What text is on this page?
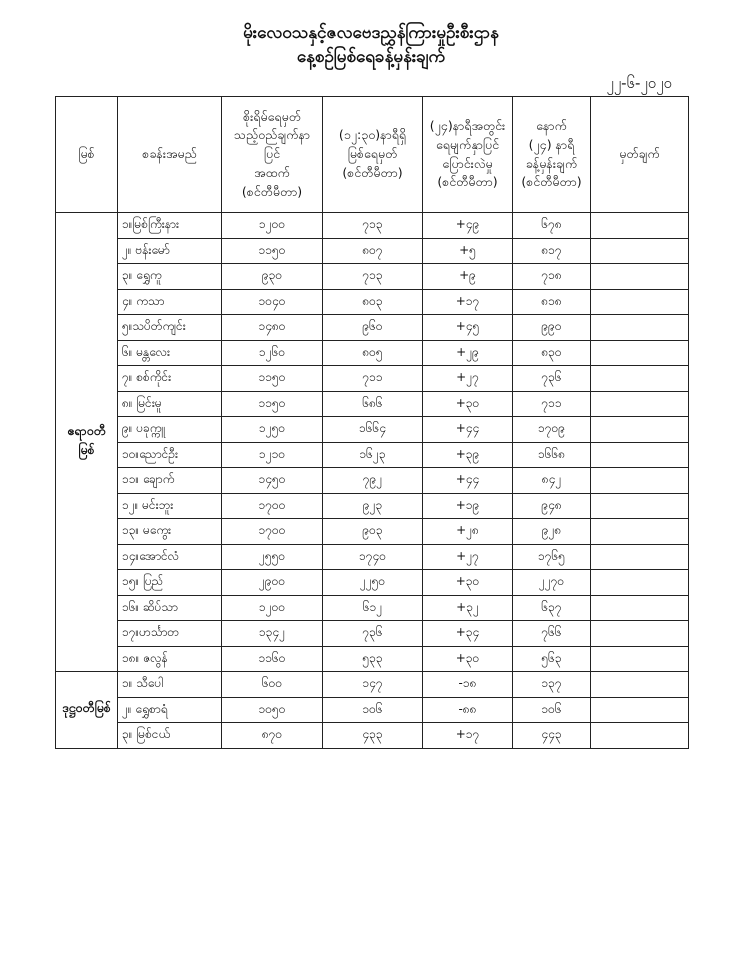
မိုးလေဝသနှင့်ဇလဗေဒညွှန်ကြားမှုဦးစီးဌာန
နေ့စဉ်မြစ်ရေခန့်မှန်းချက်
၂၂-၆-၂၀၂၀
မြစ်	စခန်းအမည်	စိုးရိမ်ရေမှတ်
သည့်ဝည်ချက်နာပြင်
အထက်
(စင်တီမီတာ)	(၁၂:၃၀)နာရီရှိ
မြစ်ရေမှတ်
(စင်တီမီတာ)	(၂၄)နာရီအတွင်း
ရေမျက်နှာပြင်
ပြောင်းလဲမှု
(စင်တီမီတာ)	နောက်
(၂၄) နာရီ
ခန့်မှန်းချက်
(စင်တီမီတာ)	မှတ်ချက်
ဧရာဝတီမြစ်	၁။မြစ်ကြီးနား	၁၂၀၀	၇၁၃	+၄၉	၆၇၈	
	၂။ ဗန်းမော်	၁၁၅၀	၈၀၇	+၅	၈၁၇	
	၃။ ရွှေကူ	၉၃၀	၇၁၃	+၉	၇၁၈	
	၄။ ကသာ	၁၀၄၀	၈၀၃	+၁၇	၈၁၈	
	၅။သပိတ်ကျင်း	၁၄၈၀	၉၆၀	+၄၅	၉၉၀	
	၆။ မန္တလေး	၁၂၆၀	၈၀၅	+၂၉	၈၃၀	
	၇။ စစ်ကိုင်း	၁၁၅၀	၇၁၁	+၂၇	၇၃၆	
	၈။ မြင်းမူ	၁၁၅၀	၆၈၆	+၃၀	၇၁၁	
	၉။ ပခုက္ကူ	၁၂၅၀	၁၆၆၄	+၄၄	၁၇၀၉	
	၁၀။ညောင်ဦး	၁၂၁၀	၁၆၂၃	+၃၉	၁၆၆၈	
	၁၁။ ချောက်	၁၄၅၀	၇၉၂	+၄၄	၈၄၂	
	၁၂။ မင်းဘူး	၁၇၀၀	၉၂၃	+၁၉	၉၄၈	
	၁၃။ မကွေး	၁၇၀၀	၉၀၃	+၂၈	၉၂၈	
	၁၄။အောင်လံ	၂၅၅၀	၁၇၄၀	+၂၇	၁၇၆၅	
	၁၅။ ပြည်	၂၉၀၀	၂၂၅၀	+၃၀	၂၂၇၀	
	၁၆။ ဆိပ်သာ	၁၂၀၀	၆၁၂	+၃၂	၆၃၇	
	၁၇။ဟင်္သာတ	၁၃၄၂	၇၃၆	+၃၄	၇၆၆	
	၁၈။ ဇလွန်	၁၁၆၀	၅၃၃	+၃၀	၅၆၃	
ဒုဋ္ဌဝတီမြစ်	၁။ သီပေါ	၆၀၀	၁၄၇	-၁၈	၁၃၇	
	၂။ ရွှေစာရံ	၁၀၅၀	၁၀၆	-၈၈	၁၀၆	
	၃။ မြစ်ငယ်	၈၇၀	၄၃၃	+၁၇	၄၄၃	
